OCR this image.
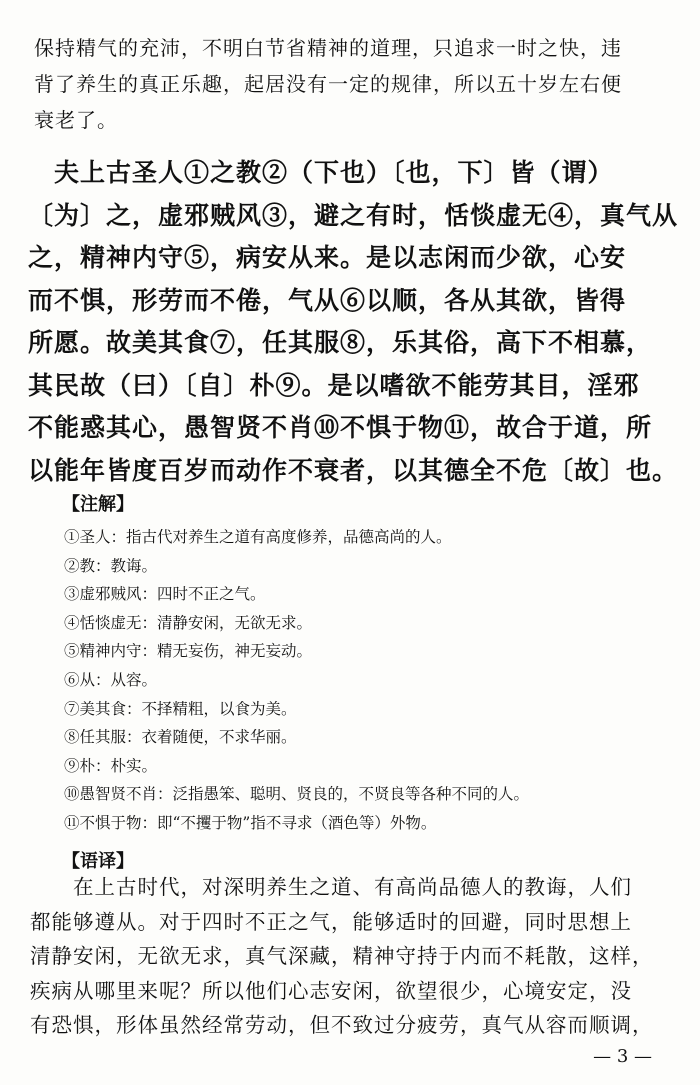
保持精气的充沛，不明白节省精神的道理，只追求一时之快，违

背了养生的真正乐趣，起居没有一定的规律，所以五十岁左右便

衰老了。

　夫上古圣人①之教②（下也）〔也，下〕皆（谓）

〔为〕之，虚邪贼风③，避之有时，恬惔虚无④，真气从

之，精神内守⑤，病安从来。是以志闲而少欲，心安

而不惧，形劳而不倦，气从⑥以顺，各从其欲，皆得

所愿。故美其食⑦，任其服⑧，乐其俗，高下不相慕，

其民故（曰）〔自〕朴⑨。是以嗜欲不能劳其目，淫邪

不能惑其心，愚智贤不肖⑩不惧于物⑪，故合于道，所

以能年皆度百岁而动作不衰者，以其德全不危〔故〕也。

【注解】
①圣人：指古代对养生之道有高度修养，品德高尚的人。
②教：教诲。
③虚邪贼风：四时不正之气。
④恬惔虚无：清静安闲，无欲无求。
⑤精神内守：精无妄伤，神无妄动。
⑥从：从容。
⑦美其食：不择精粗，以食为美。
⑧任其服：衣着随便，不求华丽。
⑨朴：朴实。
⑩愚智贤不肖：泛指愚笨、聪明、贤良的，不贤良等各种不同的人。
⑪不惧于物：即“不攫于物”指不寻求（酒色等）外物。
【语译】

　　在上古时代，对深明养生之道、有高尚品德人的教诲，人们

都能够遵从。对于四时不正之气，能够适时的回避，同时思想上

清静安闲，无欲无求，真气深藏，精神守持于内而不耗散，这样，

疾病从哪里来呢？所以他们心志安闲，欲望很少，心境安定，没

有恐惧，形体虽然经常劳动，但不致过分疲劳，真气从容而顺调，

— 3 —
